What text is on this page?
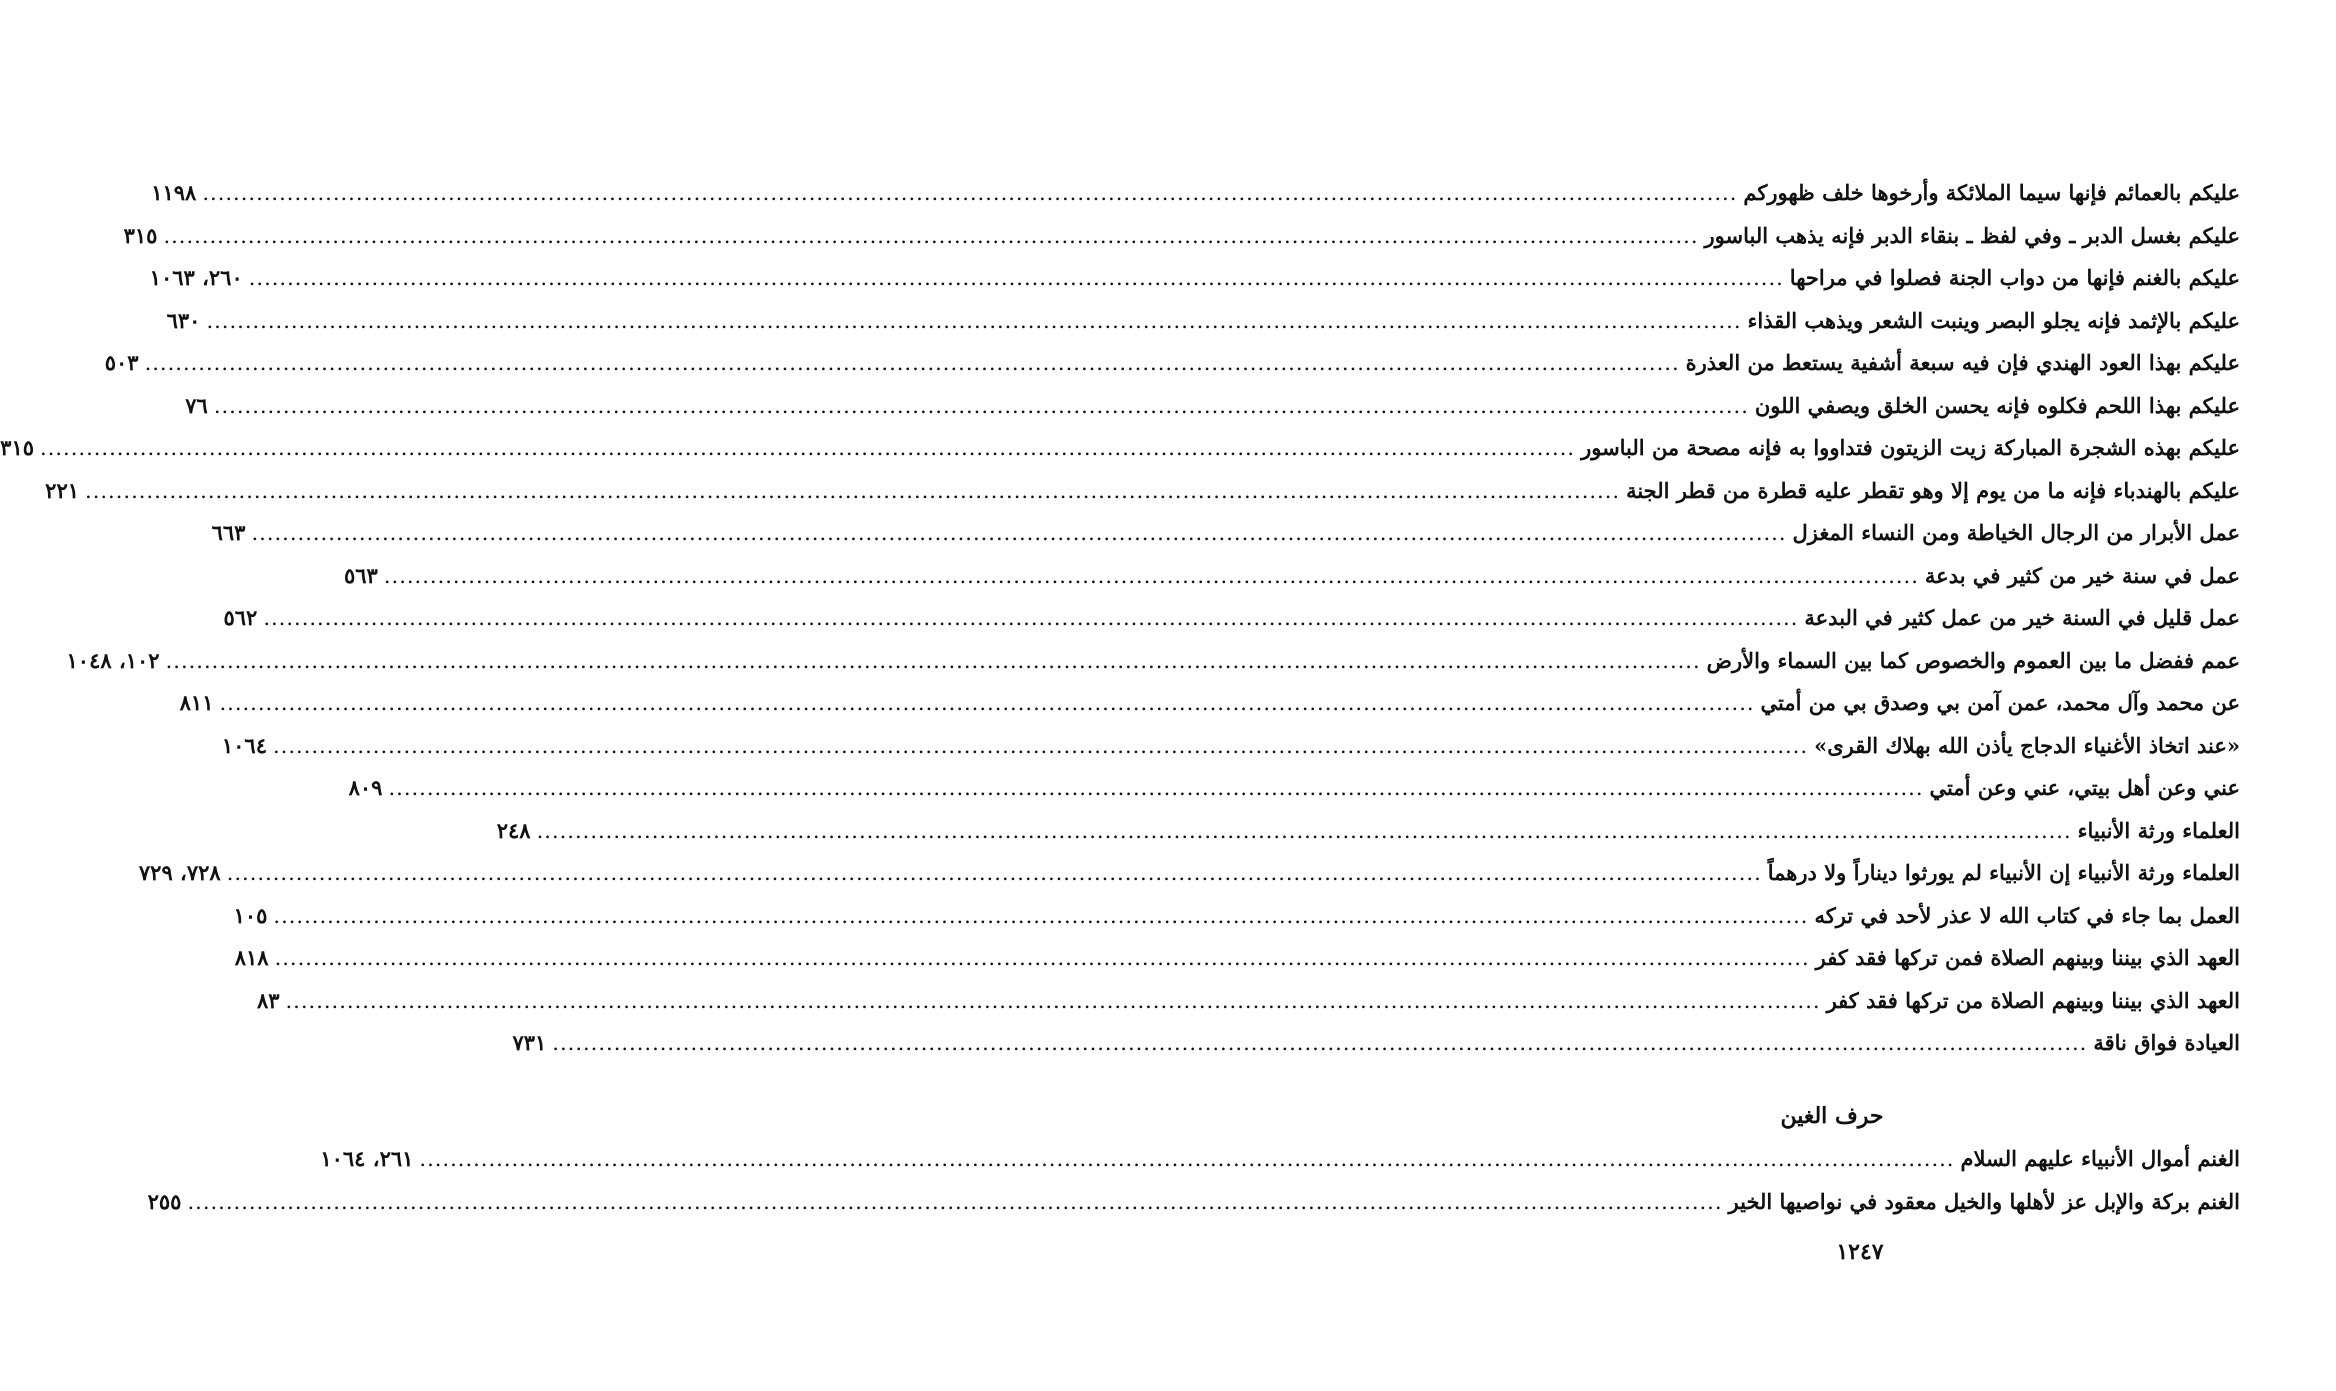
عليكم بالعمائم فإنها سيما الملائكة وأرخوها خلف ظهوركم
........................................................................................................................................................................................................
١١٩٨
عليكم بغسل الدبر ـ وفي لفظ ـ بنقاء الدبر فإنه يذهب الباسور
........................................................................................................................................................................................................
٣١٥
عليكم بالغنم فإنها من دواب الجنة فصلوا في مراحها
........................................................................................................................................................................................................
٢٦٠، ١٠٦٣
عليكم بالإثمد فإنه يجلو البصر وينبت الشعر ويذهب القذاء
........................................................................................................................................................................................................
٦٣٠
عليكم بهذا العود الهندي فإن فيه سبعة أشفية يستعط من العذرة
........................................................................................................................................................................................................
٥٠٣
عليكم بهذا اللحم فكلوه فإنه يحسن الخلق ويصفي اللون
........................................................................................................................................................................................................
٧٦
عليكم بهذه الشجرة المباركة زيت الزيتون فتداووا به فإنه مصحة من الباسور
........................................................................................................................................................................................................
٣١٥
عليكم بالهندباء فإنه ما من يوم إلا وهو تقطر عليه قطرة من قطر الجنة
........................................................................................................................................................................................................
٢٢١
عمل الأبرار من الرجال الخياطة ومن النساء المغزل
........................................................................................................................................................................................................
٦٦٣
عمل في سنة خير من كثير في بدعة
........................................................................................................................................................................................................
٥٦٣
عمل قليل في السنة خير من عمل كثير في البدعة
........................................................................................................................................................................................................
٥٦٢
عمم ففضل ما بين العموم والخصوص كما بين السماء والأرض
........................................................................................................................................................................................................
١٠٢، ١٠٤٨
عن محمد وآل محمد، عمن آمن بي وصدق بي من أمتي
........................................................................................................................................................................................................
٨١١
«عند اتخاذ الأغنياء الدجاج يأذن الله بهلاك القرى»
........................................................................................................................................................................................................
١٠٦٤
عني وعن أهل بيتي، عني وعن أمتي
........................................................................................................................................................................................................
٨٠٩
العلماء ورثة الأنبياء
........................................................................................................................................................................................................
٢٤٨
العلماء ورثة الأنبياء إن الأنبياء لم يورثوا ديناراً ولا درهماً
........................................................................................................................................................................................................
٧٢٨، ٧٢٩
العمل بما جاء في كتاب الله لا عذر لأحد في تركه
........................................................................................................................................................................................................
١٠٥
العهد الذي بيننا وبينهم الصلاة فمن تركها فقد كفر
........................................................................................................................................................................................................
٨١٨
العهد الذي بيننا وبينهم الصلاة من تركها فقد كفر
........................................................................................................................................................................................................
٨٣
العيادة فواق ناقة
........................................................................................................................................................................................................
٧٣١
حرف الغين
الغنم أموال الأنبياء عليهم السلام
........................................................................................................................................................................................................
٢٦١، ١٠٦٤
الغنم بركة والإبل عز لأهلها والخيل معقود في نواصيها الخير
........................................................................................................................................................................................................
٢٥٥
١٢٤٧
